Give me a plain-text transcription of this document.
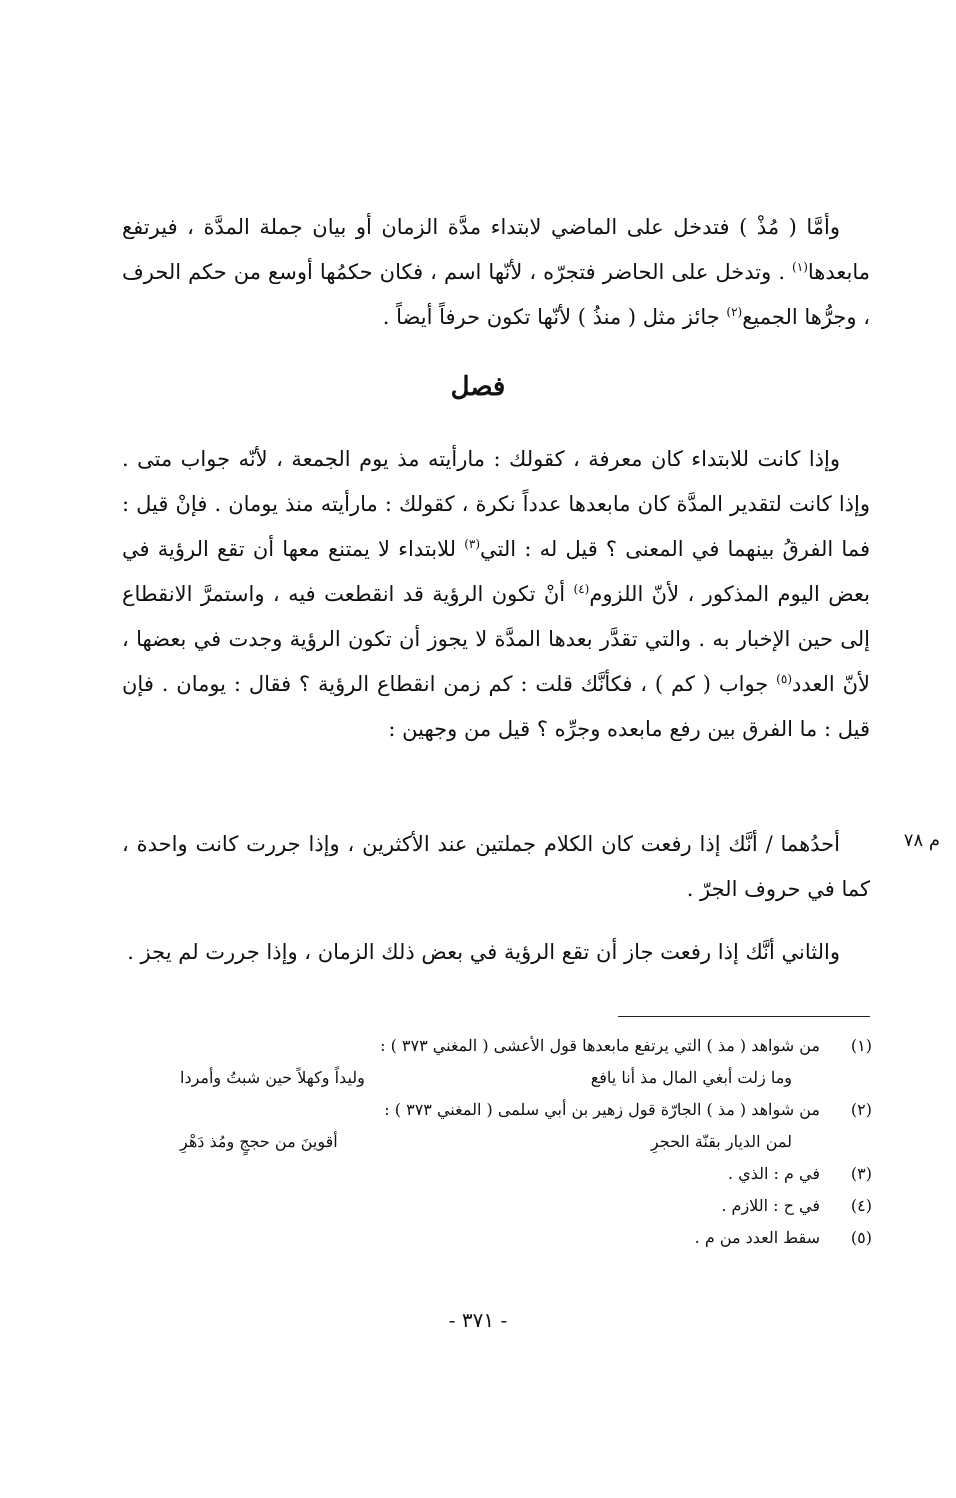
وأمَّا ( مُذْ ) فتدخل على الماضي لابتداء مدَّة الزمان أو بيان جملة المدَّة ، فيرتفع مابعدها$^{(١)}$ . وتدخل على الحاضر فتجرّه ، لأنّها اسم ، فكان حكمُها أوسع من حكم الحرف ، وجرُّها الجميع$^{(٢)}$ جائز مثل ( منذُ ) لأنّها تكون حرفاً أيضاً .

فصل

وإذا كانت للابتداء كان معرفة ، كقولك : مارأيته مذ يوم الجمعة ، لأنّه جواب متى . وإذا كانت لتقدير المدَّة كان مابعدها عدداً نكرة ، كقولك : مارأيته منذ يومان . فإنْ قيل : فما الفرقُ بينهما في المعنى ؟ قيل له : التي$^{(٣)}$ للابتداء لا يمتنع معها أن تقع الرؤية في بعض اليوم المذكور ، لأنّ اللزوم$^{(٤)}$ أنْ تكون الرؤية قد انقطعت فيه ، واستمرَّ الانقطاع إلى حين الإخبار به . والتي تقدَّر بعدها المدَّة لا يجوز أن تكون الرؤية وجدت في بعضها ، لأنّ العدد$^{(٥)}$ جواب ( كم ) ، فكأنَّك قلت : كم زمن انقطاع الرؤية ؟ فقال : يومان . فإن قيل : ما الفرق بين رفع مابعده وجرِّه ؟ قيل من وجهين :

م ٧٨

أحدُهما / أنَّك إذا رفعت كان الكلام جملتين عند الأكثرين ، وإذا جررت كانت واحدة ، كما في حروف الجرّ .

والثاني أنَّك إذا رفعت جاز أن تقع الرؤية في بعض ذلك الزمان ، وإذا جررت لم يجز .

(١)
من شواهد ( مذ ) التي يرتفع مابعدها قول الأعشى ( المغني ٣٧٣ ) :
وما زلت أبغي المال مذ أنا يافع
وليداً وكهلاً حين شبتُ وأمردا
(٢)
من شواهد ( مذ ) الجارّة قول زهير بن أبي سلمى ( المغني ٣٧٣ ) :
لمن الديار بقنّة الحجرِ
أقوينَ من حججٍ ومُذ دَهْرِ
(٣)
في م : الذي .
(٤)
في ح : اللازم .
(٥)
سقط العدد من م .
- ٣٧١ -
